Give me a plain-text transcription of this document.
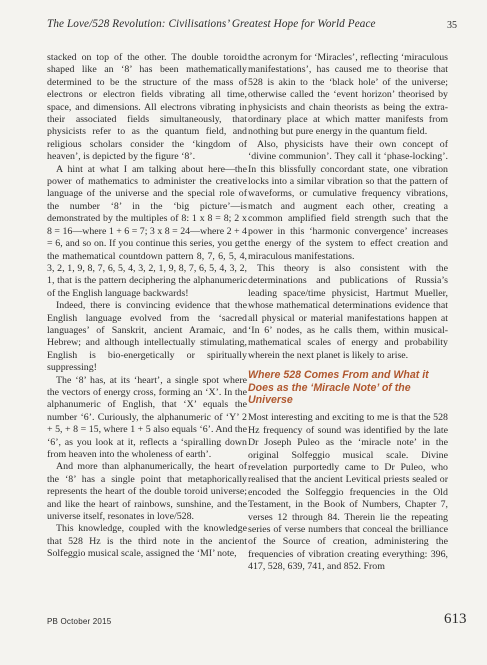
The Love/528 Revolution: Civilisations’ Greatest Hope for World Peace	35

stacked on top of the other. The double toroid shaped like an ‘8’ has been mathematically determined to be the structure of the mass of electrons or electron fields vibrating all time, space, and dimensions. All electrons vibrating in their associated fields simultaneously, that physicists refer to as the quantum field, and religious scholars consider the ‘kingdom of heaven’, is depicted by the figure ‘8’.

A hint at what I am talking about here—the power of mathematics to administer the creative language of the universe and the special role of the number ‘8’ in the ‘big picture’—is demonstrated by the multiples of 8: 1 x 8 = 8; 2 x 8 = 16—where 1 + 6 = 7; 3 x 8 = 24—where 2 + 4 = 6, and so on. If you continue this series, you get the mathematical countdown pattern 8, 7, 6, 5, 4, 3, 2, 1, 9, 8, 7, 6, 5, 4, 3, 2, 1, 9, 8, 7, 6, 5, 4, 3, 2, 1, that is the pattern deciphering the alphanumeric of the English language backwards!

Indeed, there is convincing evidence that the English language evolved from the ‘sacred languages’ of Sanskrit, ancient Aramaic, and Hebrew; and although intellectually stimulating, English is bio-energetically or spiritually suppressing!

The ‘8’ has, at its ‘heart’, a single spot where the vectors of energy cross, forming an ‘X’. In the alphanumeric of English, that ‘X’ equals the number ‘6’. Curiously, the alphanumeric of ‘Y’ 2 + 5, + 8 = 15, where 1 + 5 also equals ‘6’. And the ‘6’, as you look at it, reflects a ‘spiralling down from heaven into the wholeness of earth’.

And more than alphanumerically, the heart of the ‘8’ has a single point that metaphorically represents the heart of the double toroid universe; and like the heart of rainbows, sunshine, and the universe itself, resonates in love/528.

This knowledge, coupled with the knowledge that 528 Hz is the third note in the ancient Solfeggio musical scale, assigned the ‘MI’ note,

the acronym for ‘Miracles’, reflecting ‘miraculous manifestations’, has caused me to theorise that 528 is akin to the ‘black hole’ of the universe; otherwise called the ‘event horizon’ theorised by physicists and chain theorists as being the extra-ordinary place at which matter manifests from nothing but pure energy in the quantum field.

Also, physicists have their own concept of ‘divine communion’. They call it ‘phase-locking’. In this blissfully concordant state, one vibration locks into a similar vibration so that the pattern of waveforms, or cumulative frequency vibrations, match and augment each other, creating a common amplified field strength such that the power in this ‘harmonic convergence’ increases the energy of the system to effect creation and miraculous manifestations.

This theory is also consistent with the determinations and publications of Russia’s leading space/time physicist, Hartmut Mueller, whose mathematical determinations evidence that all physical or material manifestations happen at ‘In 6’ nodes, as he calls them, within musical-mathematical scales of energy and probability wherein the next planet is likely to arise.

Where 528 Comes From and What it Does as the ‘Miracle Note’ of the Universe

Most interesting and exciting to me is that the 528 Hz frequency of sound was identified by the late Dr Joseph Puleo as the ‘miracle note’ in the original Solfeggio musical scale. Divine revelation purportedly came to Dr Puleo, who realised that the ancient Levitical priests sealed or encoded the Solfeggio frequencies in the Old Testament, in the Book of Numbers, Chapter 7, verses 12 through 84. Therein lie the repeating series of verse numbers that conceal the brilliance of the Source of creation, administering the frequencies of vibration creating everything: 396, 417, 528, 639, 741, and 852. From

PB October 2015	613
